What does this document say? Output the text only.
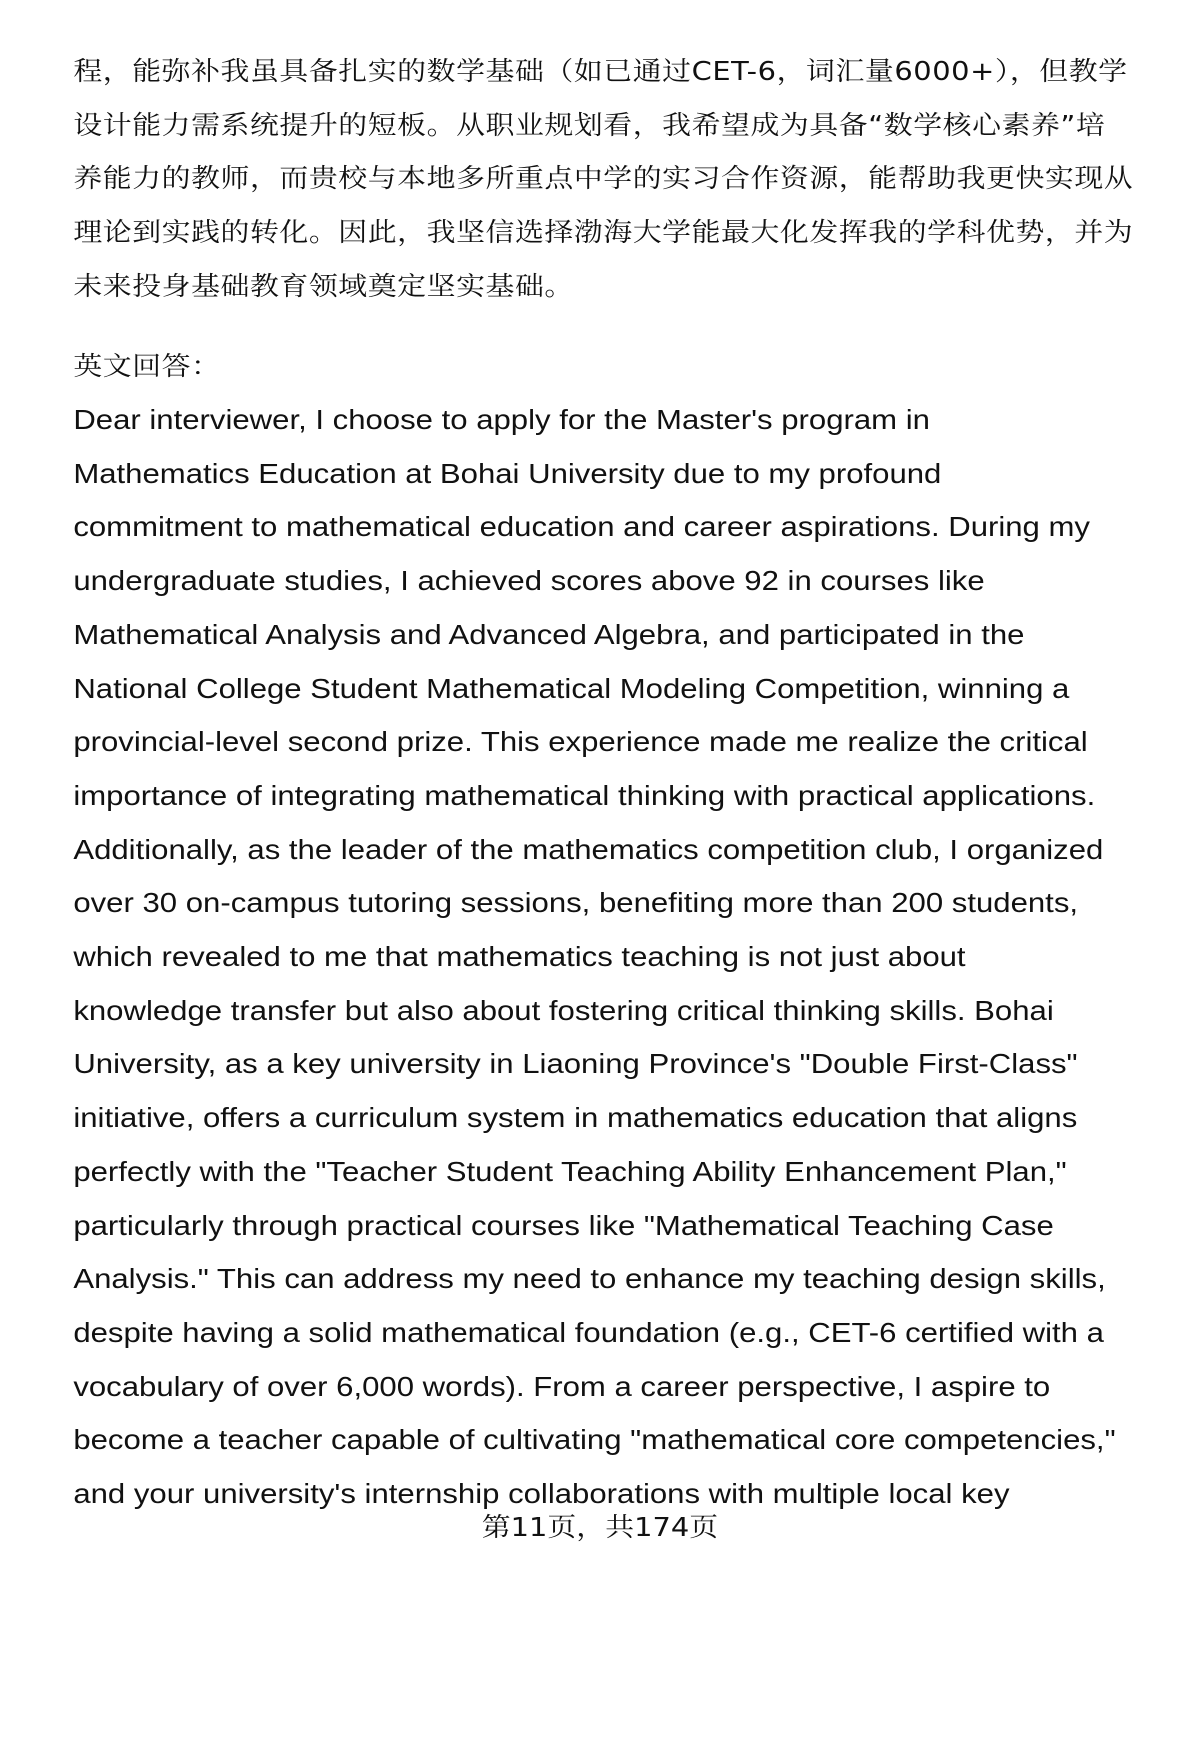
程，能弥补我虽具备扎实的数学基础（如已通过CET-6，词汇量6000+），但教学
设计能力需系统提升的短板。从职业规划看，我希望成为具备“数学核心素养”培
养能力的教师，而贵校与本地多所重点中学的实习合作资源，能帮助我更快实现从
理论到实践的转化。因此，我坚信选择渤海大学能最大化发挥我的学科优势，并为
未来投身基础教育领域奠定坚实基础。
英文回答：
Dear interviewer, I choose to apply for the Master's program in
Mathematics Education at Bohai University due to my profound
commitment to mathematical education and career aspirations. During my
undergraduate studies, I achieved scores above 92 in courses like
Mathematical Analysis and Advanced Algebra, and participated in the
National College Student Mathematical Modeling Competition, winning a
provincial-level second prize. This experience made me realize the critical
importance of integrating mathematical thinking with practical applications.
Additionally, as the leader of the mathematics competition club, I organized
over 30 on-campus tutoring sessions, benefiting more than 200 students,
which revealed to me that mathematics teaching is not just about
knowledge transfer but also about fostering critical thinking skills. Bohai
University, as a key university in Liaoning Province's "Double First-Class"
initiative, offers a curriculum system in mathematics education that aligns
perfectly with the "Teacher Student Teaching Ability Enhancement Plan,"
particularly through practical courses like "Mathematical Teaching Case
Analysis." This can address my need to enhance my teaching design skills,
despite having a solid mathematical foundation (e.g., CET-6 certified with a
vocabulary of over 6,000 words). From a career perspective, I aspire to
become a teacher capable of cultivating "mathematical core competencies,"
and your university's internship collaborations with multiple local key
第11页，共174页
